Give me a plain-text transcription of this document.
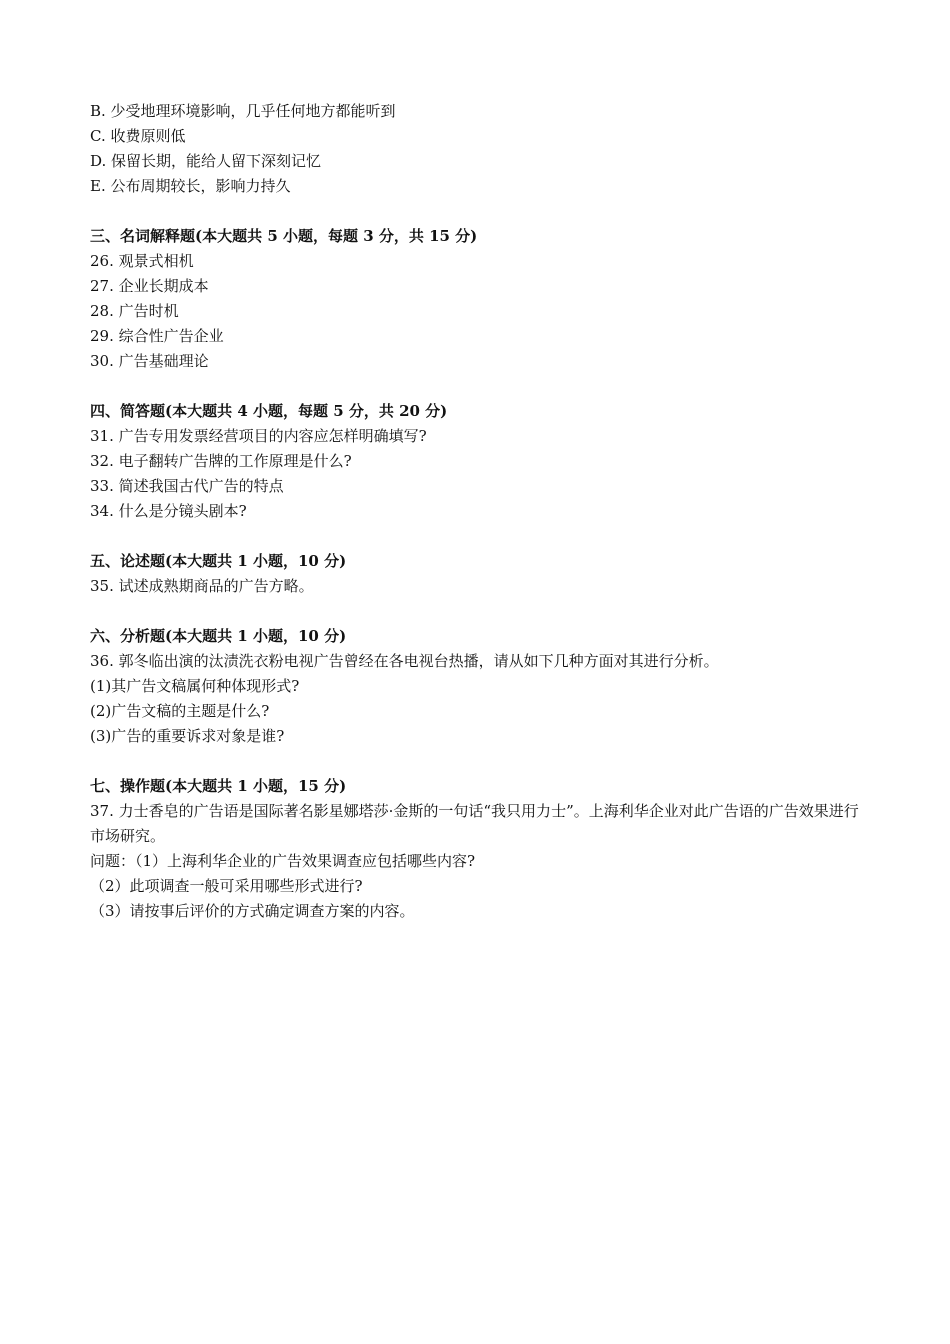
B. 少受地理环境影响，几乎任何地方都能听到
C. 收费原则低
D. 保留长期，能给人留下深刻记忆
E. 公布周期较长，影响力持久
三、名词解释题(本大题共 5 小题，每题 3 分，共 15 分)
26. 观景式相机
27. 企业长期成本
28. 广告时机
29. 综合性广告企业
30. 广告基础理论
四、简答题(本大题共 4 小题，每题 5 分，共 20 分)
31. 广告专用发票经营项目的内容应怎样明确填写?
32. 电子翻转广告牌的工作原理是什么?
33. 简述我国古代广告的特点
34. 什么是分镜头剧本?
五、论述题(本大题共 1 小题，10 分)
35. 试述成熟期商品的广告方略。
六、分析题(本大题共 1 小题，10 分)
36. 郭冬临出演的汰渍洗衣粉电视广告曾经在各电视台热播，请从如下几种方面对其进行分析。
(1)其广告文稿属何种体现形式?
(2)广告文稿的主题是什么?
(3)广告的重要诉求对象是谁?
七、操作题(本大题共 1 小题，15 分)
37. 力士香皂的广告语是国际著名影星娜塔莎·金斯的一句话“我只用力士”。上海利华企业对此广告语的广告效果进行市场研究。
问题：（1）上海利华企业的广告效果调查应包括哪些内容?
（2）此项调查一般可采用哪些形式进行?
（3）请按事后评价的方式确定调查方案的内容。
